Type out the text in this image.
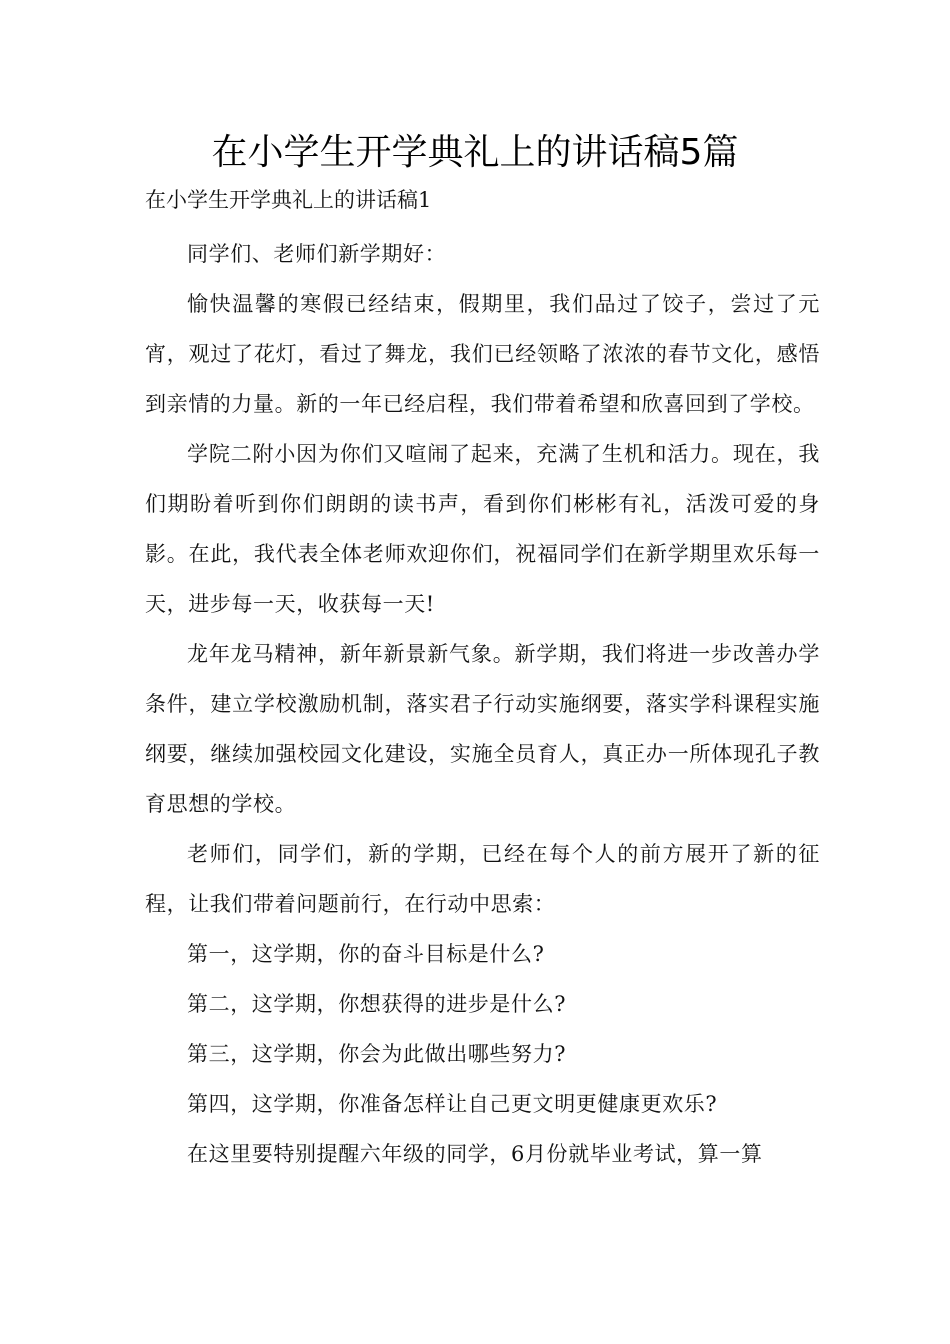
在小学生开学典礼上的讲话稿5篇
在小学生开学典礼上的讲话稿1

同学们、老师们新学期好：

愉快温馨的寒假已经结束，假期里，我们品过了饺子，尝过了元宵，观过了花灯，看过了舞龙，我们已经领略了浓浓的春节文化，感悟到亲情的力量。新的一年已经启程，我们带着希望和欣喜回到了学校。

学院二附小因为你们又喧闹了起来，充满了生机和活力。现在，我们期盼着听到你们朗朗的读书声，看到你们彬彬有礼，活泼可爱的身影。在此，我代表全体老师欢迎你们，祝福同学们在新学期里欢乐每一天，进步每一天，收获每一天!

龙年龙马精神，新年新景新气象。新学期，我们将进一步改善办学条件，建立学校激励机制，落实君子行动实施纲要，落实学科课程实施纲要，继续加强校园文化建设，实施全员育人，真正办一所体现孔子教育思想的学校。

老师们，同学们，新的学期，已经在每个人的前方展开了新的征程，让我们带着问题前行，在行动中思索：

第一，这学期，你的奋斗目标是什么?

第二，这学期，你想获得的进步是什么?

第三，这学期，你会为此做出哪些努力?

第四，这学期，你准备怎样让自己更文明更健康更欢乐?

在这里要特别提醒六年级的同学，6月份就毕业考试，算一算
